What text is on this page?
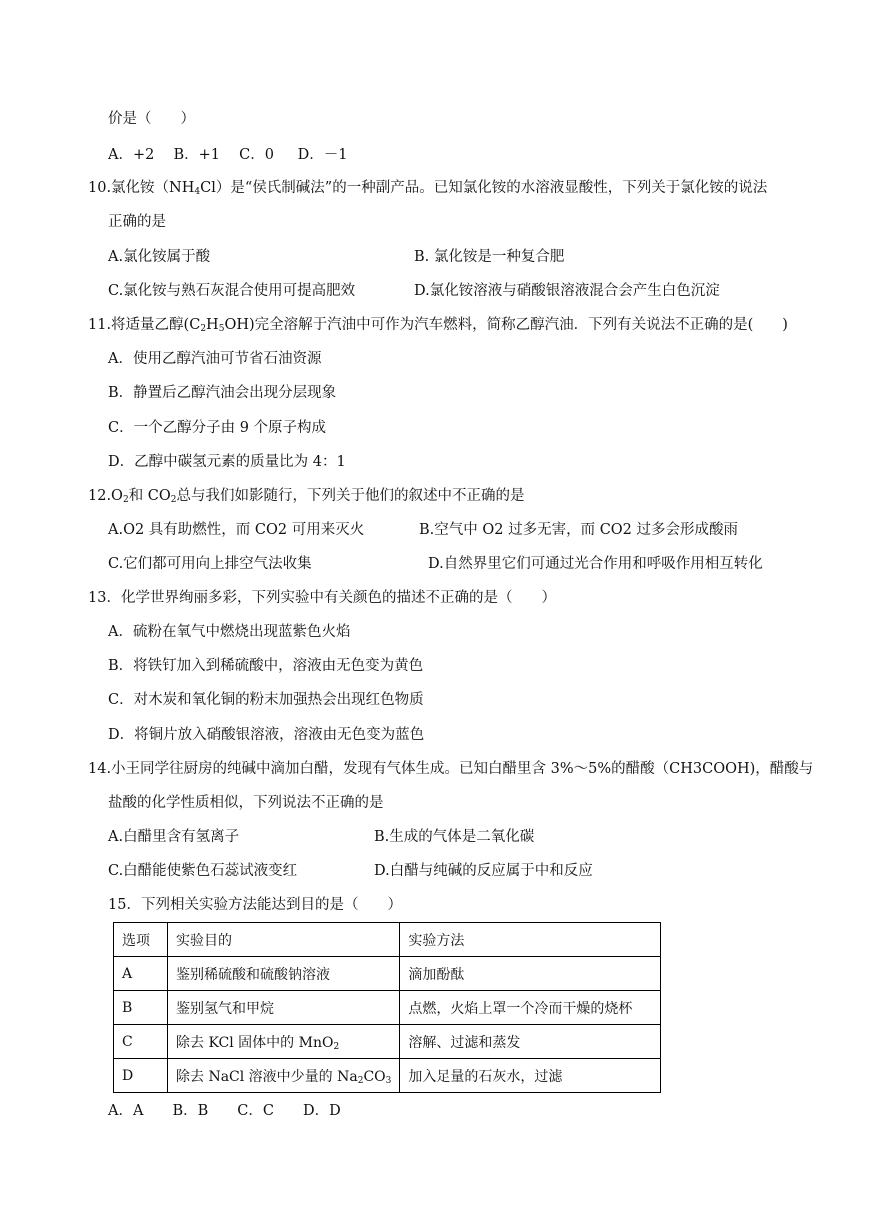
价是（　　）
A．+2　 B．+1　 C．0 　 D．－1
10.氯化铵$(NH_4Cl)$是“侯氏制碱法”的一种副产品。已知氯化铵的水溶液显酸性，下列关于氯化铵的说法
正确的是
A.氯化铵属于酸	B. 氯化铵是一种复合肥
C.氯化铵与熟石灰混合使用可提高肥效	D.氯化铵溶液与硝酸银溶液混合会产生白色沉淀
11.将适量乙醇$(C_2H_5OH)$完全溶解于汽油中可作为汽车燃料，简称乙醇汽油．下列有关说法不正确的是(　　)
A．使用乙醇汽油可节省石油资源
B．静置后乙醇汽油会出现分层现象
C．一个乙醇分子由 9 个原子构成
D．乙醇中碳氢元素的质量比为 4：1
$12.O_2$和 $CO_2$总与我们如影随行，下列关于他们的叙述中不正确的是
A.O2 具有助燃性，而 CO2 可用来灭火	B.空气中 O2 过多无害，而 CO2 过多会形成酸雨
C.它们都可用向上排空气法收集	D.自然界里它们可通过光合作用和呼吸作用相互转化
13．化学世界绚丽多彩，下列实验中有关颜色的描述不正确的是（　　）
A．硫粉在氧气中燃烧出现蓝紫色火焰
B．将铁钉加入到稀硫酸中，溶液由无色变为黄色
C．对木炭和氧化铜的粉末加强热会出现红色物质
D．将铜片放入硝酸银溶液，溶液由无色变为蓝色
14.小王同学往厨房的纯碱中滴加白醋，发现有气体生成。已知白醋里含 3%～5%的醋酸（CH3COOH)，醋酸与
盐酸的化学性质相似，下列说法不正确的是
A.白醋里含有氢离子	B.生成的气体是二氧化碳
C.白醋能使紫色石蕊试液变红	D.白醋与纯碱的反应属于中和反应
15．下列相关实验方法能达到目的是（　　）
选项	实验目的	实验方法
A	鉴别稀硫酸和硫酸钠溶液	滴加酚酞
B	鉴别氢气和甲烷	点燃，火焰上罩一个冷而干燥的烧杯
C	除去 KCl 固体中的 MnO$_2$	溶解、过滤和蒸发
D	除去 NaCl 溶液中少量的 $Na_2CO_3$	加入足量的石灰水，过滤
A．A　　B．B　　C．C　　D．D
